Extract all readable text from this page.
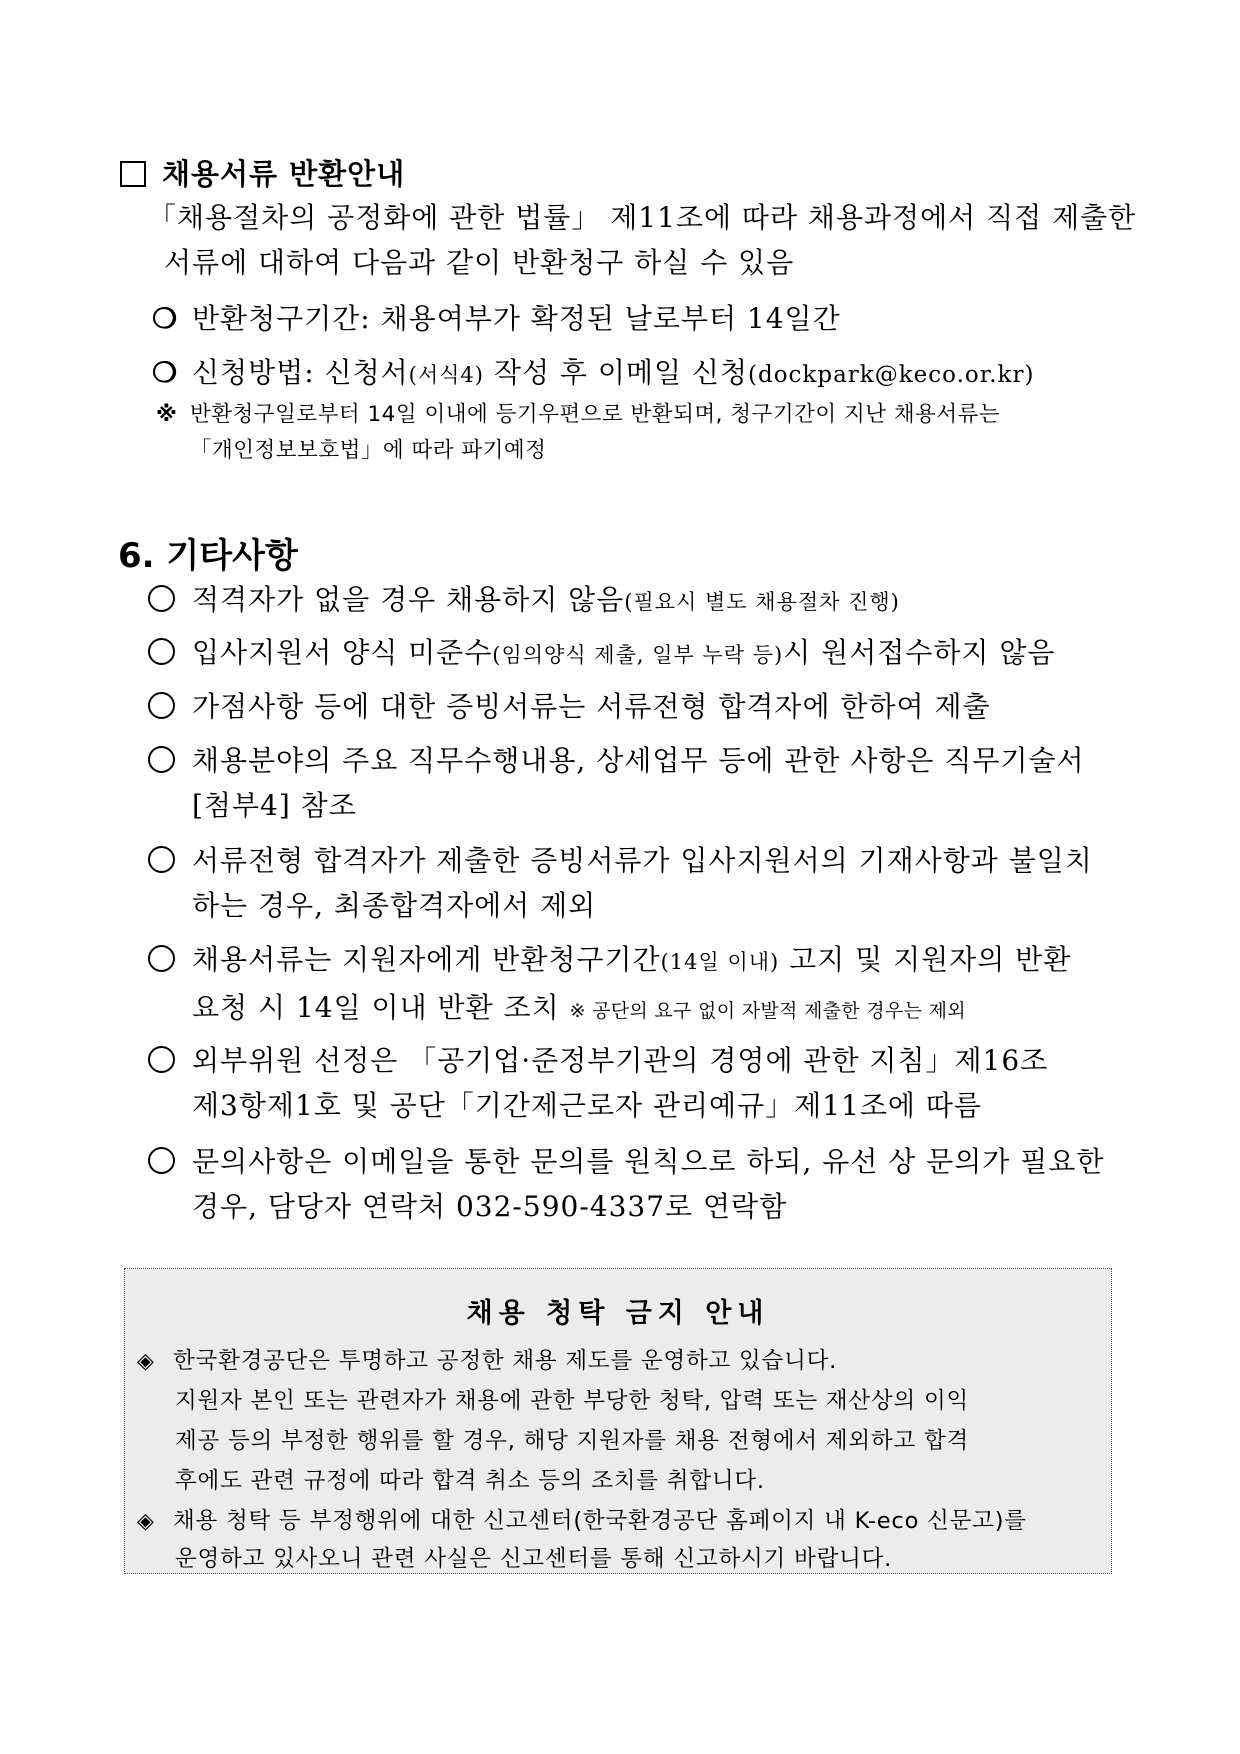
채용서류 반환안내
「채용절차의 공정화에 관한 법률」 제11조에 따라 채용과정에서 직접 제출한
서류에 대하여 다음과 같이 반환청구 하실 수 있음
❍ 반환청구기간: 채용여부가 확정된 날로부터 14일간
❍ 신청방법: 신청서(서식4) 작성 후 이메일 신청(dockpark@keco.or.kr)
※ 반환청구일로부터 14일 이내에 등기우편으로 반환되며, 청구기간이 지난 채용서류는
「개인정보보호법」에 따라 파기예정
6. 기타사항
적격자가 없을 경우 채용하지 않음(필요시 별도 채용절차 진행)
입사지원서 양식 미준수(임의양식 제출, 일부 누락 등)시 원서접수하지 않음
가점사항 등에 대한 증빙서류는 서류전형 합격자에 한하여 제출
채용분야의 주요 직무수행내용, 상세업무 등에 관한 사항은 직무기술서
[첨부4] 참조
서류전형 합격자가 제출한 증빙서류가 입사지원서의 기재사항과 불일치
하는 경우, 최종합격자에서 제외
채용서류는 지원자에게 반환청구기간(14일 이내) 고지 및 지원자의 반환
요청 시 14일 이내 반환 조치 ※ 공단의 요구 없이 자발적 제출한 경우는 제외
외부위원 선정은 「공기업·준정부기관의 경영에 관한 지침」제16조
제3항제1호 및 공단「기간제근로자 관리예규」제11조에 따름
문의사항은 이메일을 통한 문의를 원칙으로 하되, 유선 상 문의가 필요한
경우, 담당자 연락처 032-590-4337로 연락함
채용 청탁 금지 안내
◈ 한국환경공단은 투명하고 공정한 채용 제도를 운영하고 있습니다.
지원자 본인 또는 관련자가 채용에 관한 부당한 청탁, 압력 또는 재산상의 이익
제공 등의 부정한 행위를 할 경우, 해당 지원자를 채용 전형에서 제외하고 합격
후에도 관련 규정에 따라 합격 취소 등의 조치를 취합니다.
◈ 채용 청탁 등 부정행위에 대한 신고센터(한국환경공단 홈페이지 내 K-eco 신문고)를
운영하고 있사오니 관련 사실은 신고센터를 통해 신고하시기 바랍니다.
